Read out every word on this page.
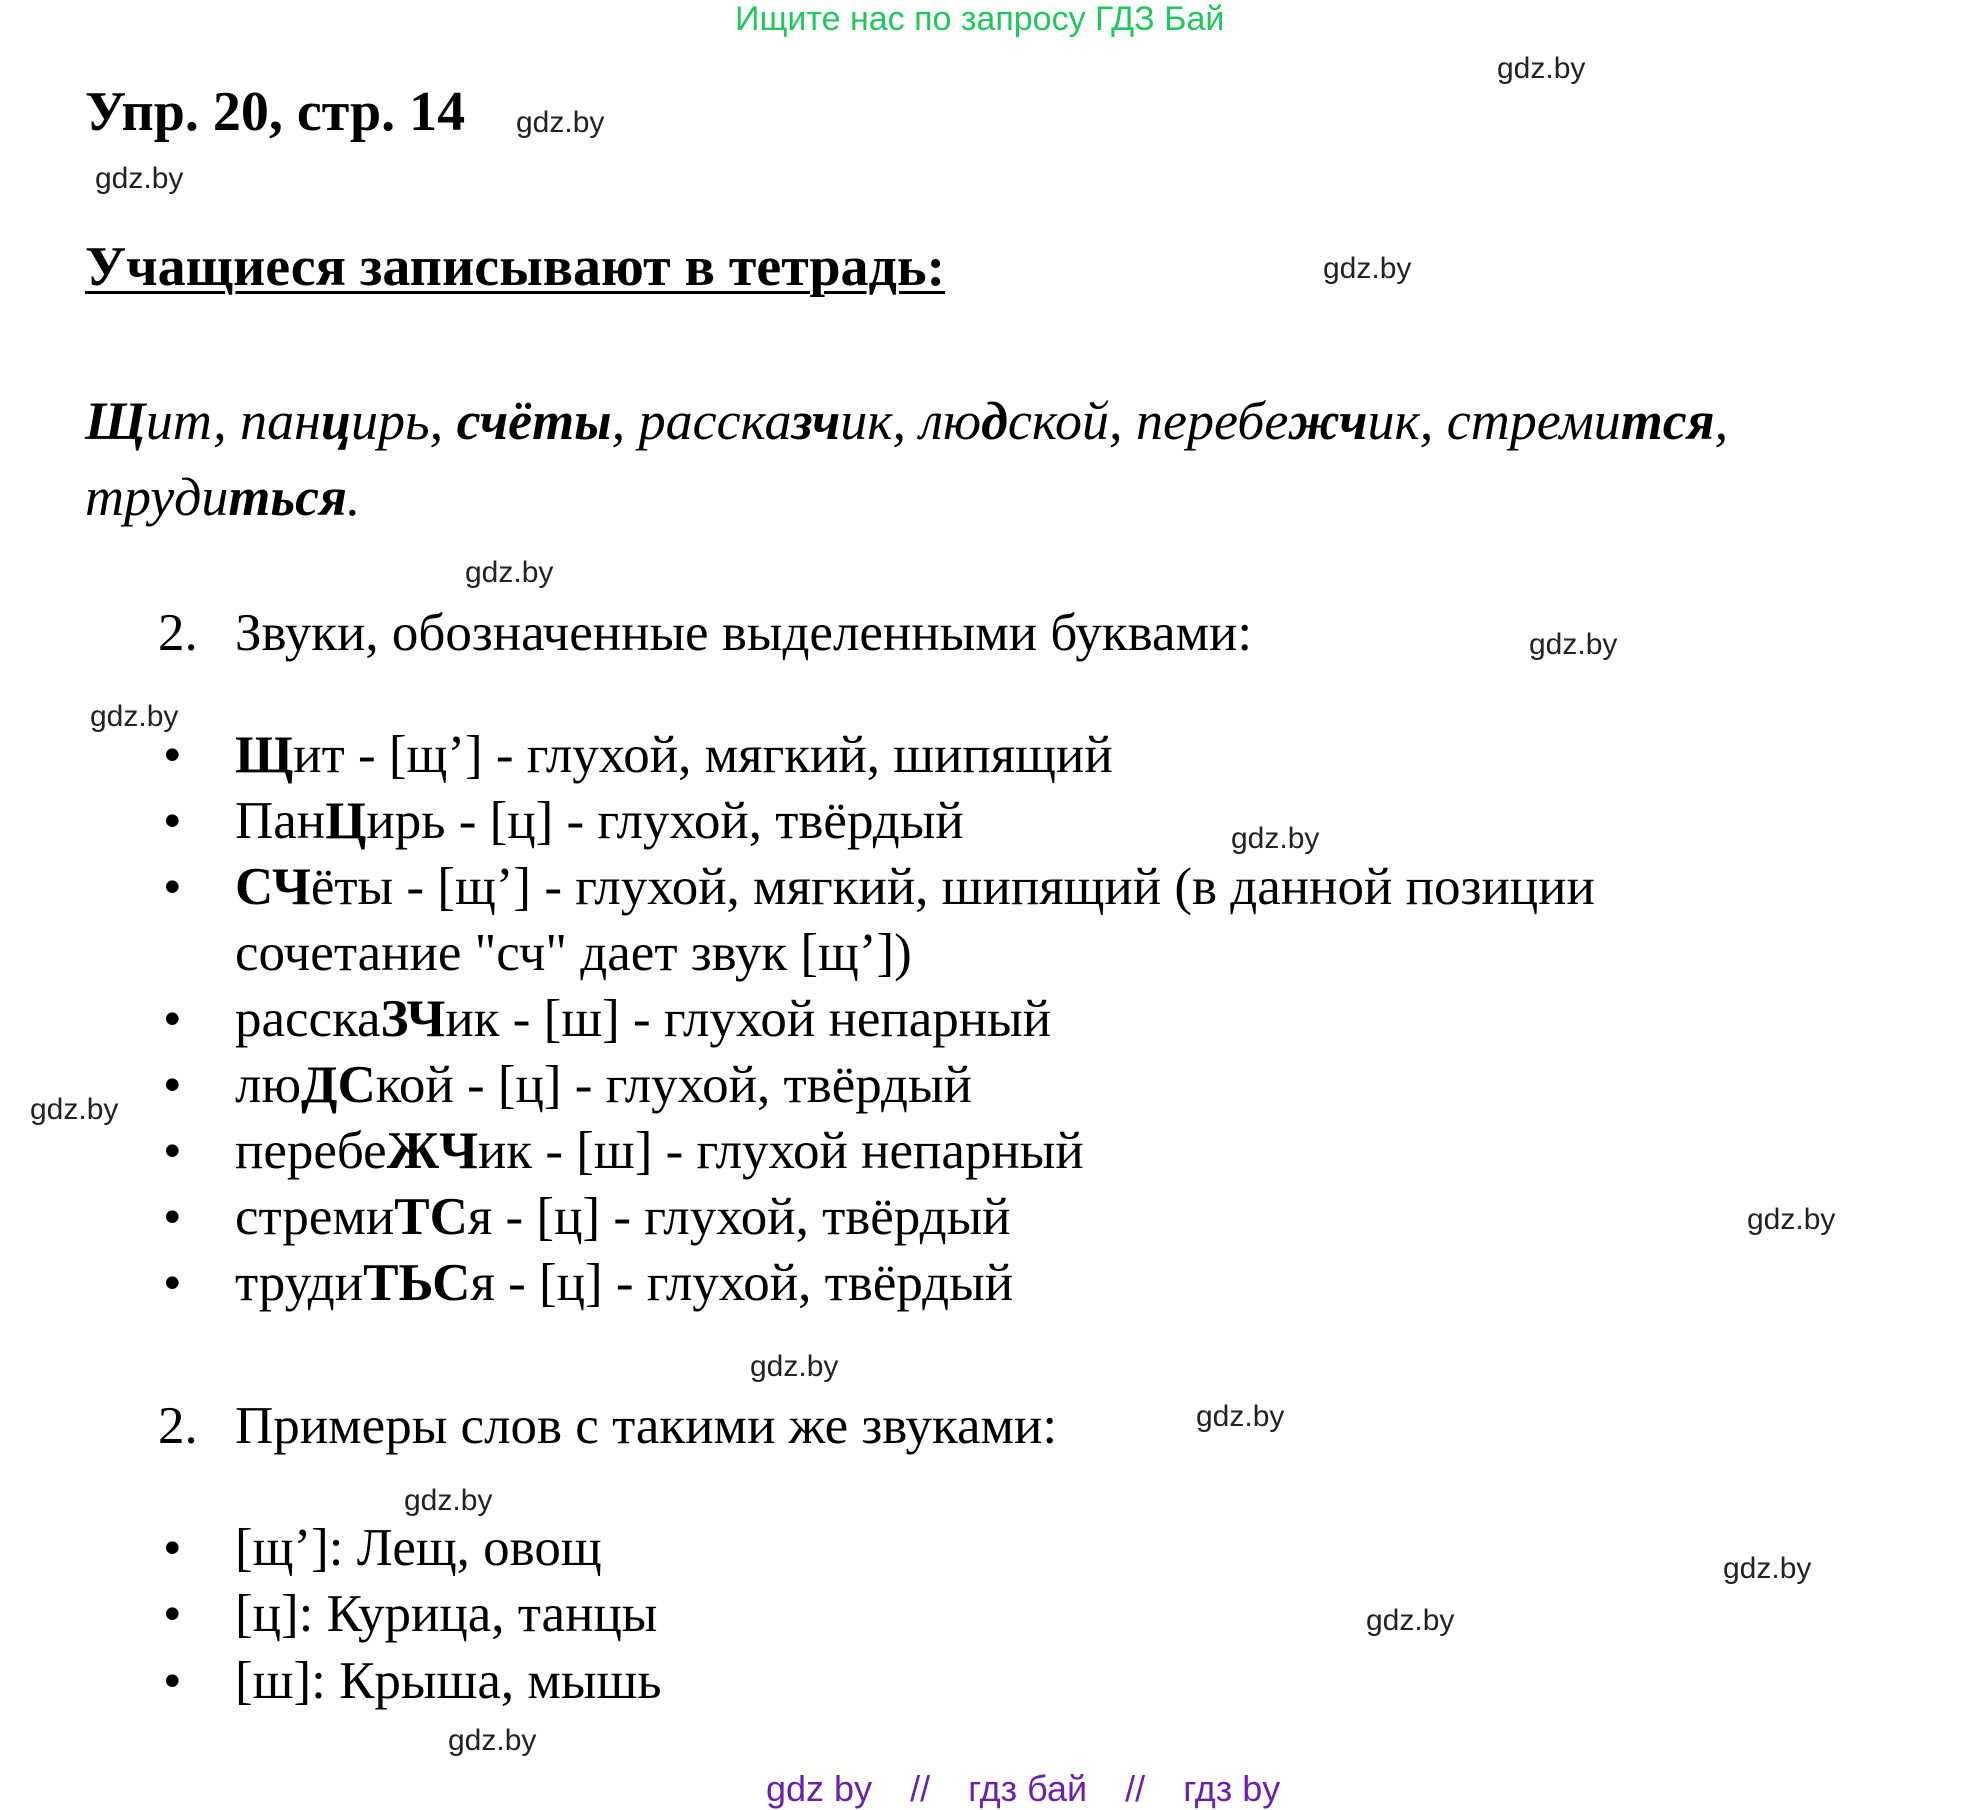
Ищите нас по запросу ГДЗ Бай
Упр. 20, стр. 14
Учащиеся записывают в тетрадь:
Щит, панцирь, счёты, рассказчик, людской, перебежчик, стремится,
трудиться.
2. Звуки, обозначенные выделенными буквами:
• Щит - [щ’] - глухой, мягкий, шипящий
• ПанЦирь - [ц] - глухой, твёрдый
• СЧёты - [щ’] - глухой, мягкий, шипящий (в данной позиции
• расскаЗЧик - [ш] - глухой непарный
• люДСкой - [ц] - глухой, твёрдый
• перебеЖЧик - [ш] - глухой непарный
• стремиТСя - [ц] - глухой, твёрдый
• трудиТЬСя - [ц] - глухой, твёрдый
сочетание "сч" дает звук [щ’])
2. Примеры слов с такими же звуками:
• [щ’]: Лещ, овощ
• [ц]: Курица, танцы
• [ш]: Крыша, мышь
gdz.by
gdz.by
gdz.by
gdz.by
gdz.by
gdz.by
gdz.by
gdz.by
gdz.by
gdz.by
gdz.by
gdz.by
gdz.by
gdz.by
gdz.by
gdz.by
gdz by // гдз бай // гдз by
